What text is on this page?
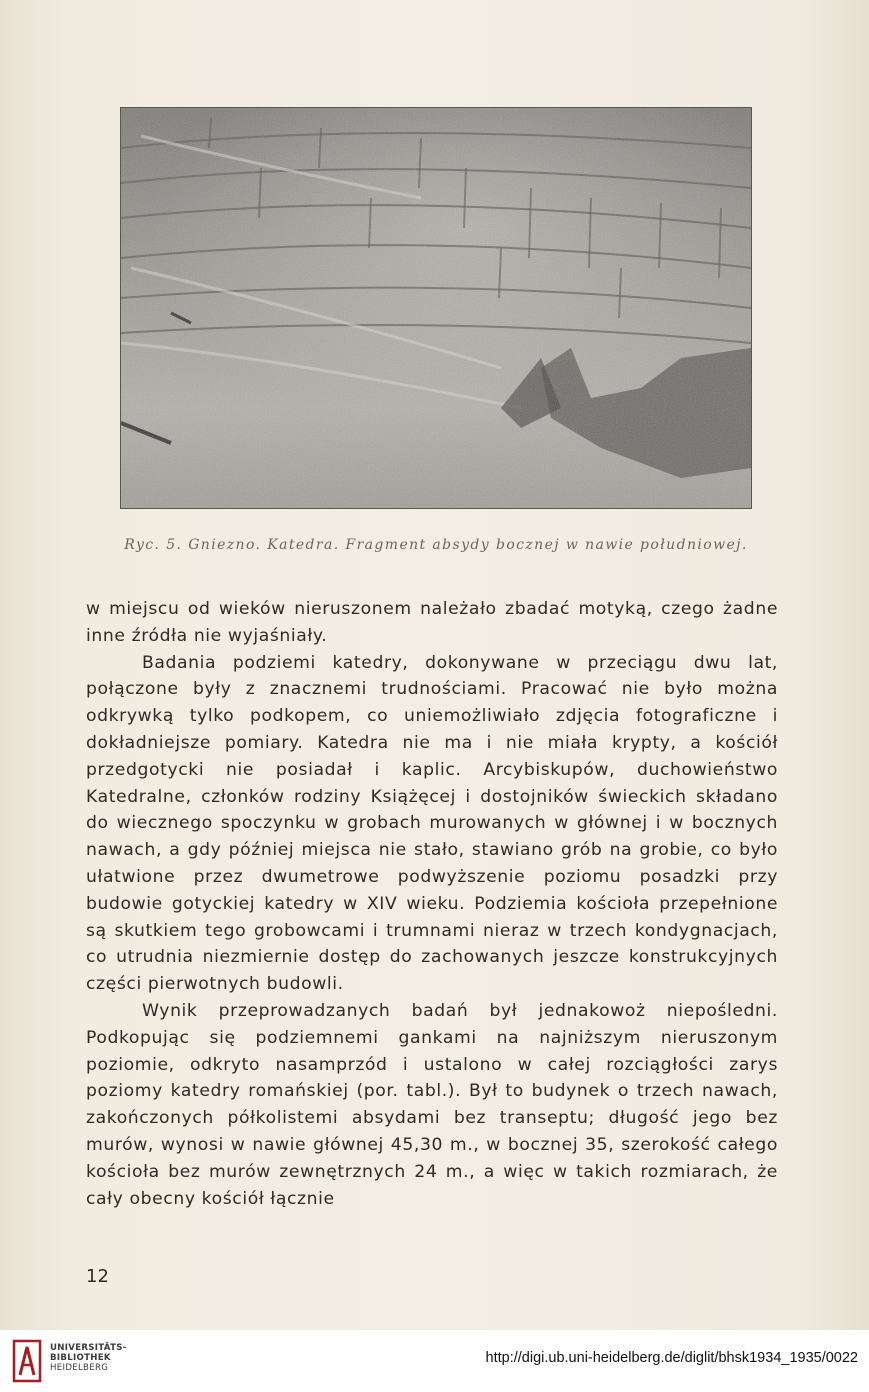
Ryc. 5. Gniezno. Katedra. Fragment absydy bocznej w nawie południowej.

w miejscu od wieków nieruszonem należało zbadać motyką, czego żadne inne źródła nie wyjaśniały.

Badania podziemi katedry, dokonywane w przeciągu dwu lat, połączone były z znacznemi trudnościami. Pracować nie było można odkrywką tylko podkopem, co uniemożliwiało zdjęcia fotograficzne i dokładniejsze pomiary. Katedra nie ma i nie miała krypty, a kościół przedgotycki nie posiadał i kaplic. Arcybiskupów, duchowieństwo Katedralne, członków rodziny Książęcej i dostojników świeckich składano do wiecznego spoczynku w grobach murowanych w głównej i w bocznych nawach, a gdy później miejsca nie stało, stawiano grób na grobie, co było ułatwione przez dwumetrowe podwyższenie poziomu posadzki przy budowie gotyckiej katedry w XIV wieku. Podziemia kościoła przepełnione są skutkiem tego grobowcami i trumnami nieraz w trzech kondygnacjach, co utrudnia niezmiernie dostęp do zachowanych jeszcze konstrukcyjnych części pierwotnych budowli.

Wynik przeprowadzanych badań był jednakowoż niepośledni. Podkopując się podziemnemi gankami na najniższym nieruszonym poziomie, odkryto nasamprzód i ustalono w całej rozciągłości zarys poziomy katedry romańskiej (por. tabl.). Był to budynek o trzech nawach, zakończonych półkolistemi absydami bez transeptu; długość jego bez murów, wynosi w nawie głównej 45,30 m., w bocznej 35, szerokość całego kościoła bez murów zewnętrznych 24 m., a więc w takich rozmiarach, że cały obecny kościół łącznie

12
UNIVERSITÄTS-
BIBLIOTHEK
HEIDELBERG
http://digi.ub.uni-heidelberg.de/diglit/bhsk1934_1935/0022
